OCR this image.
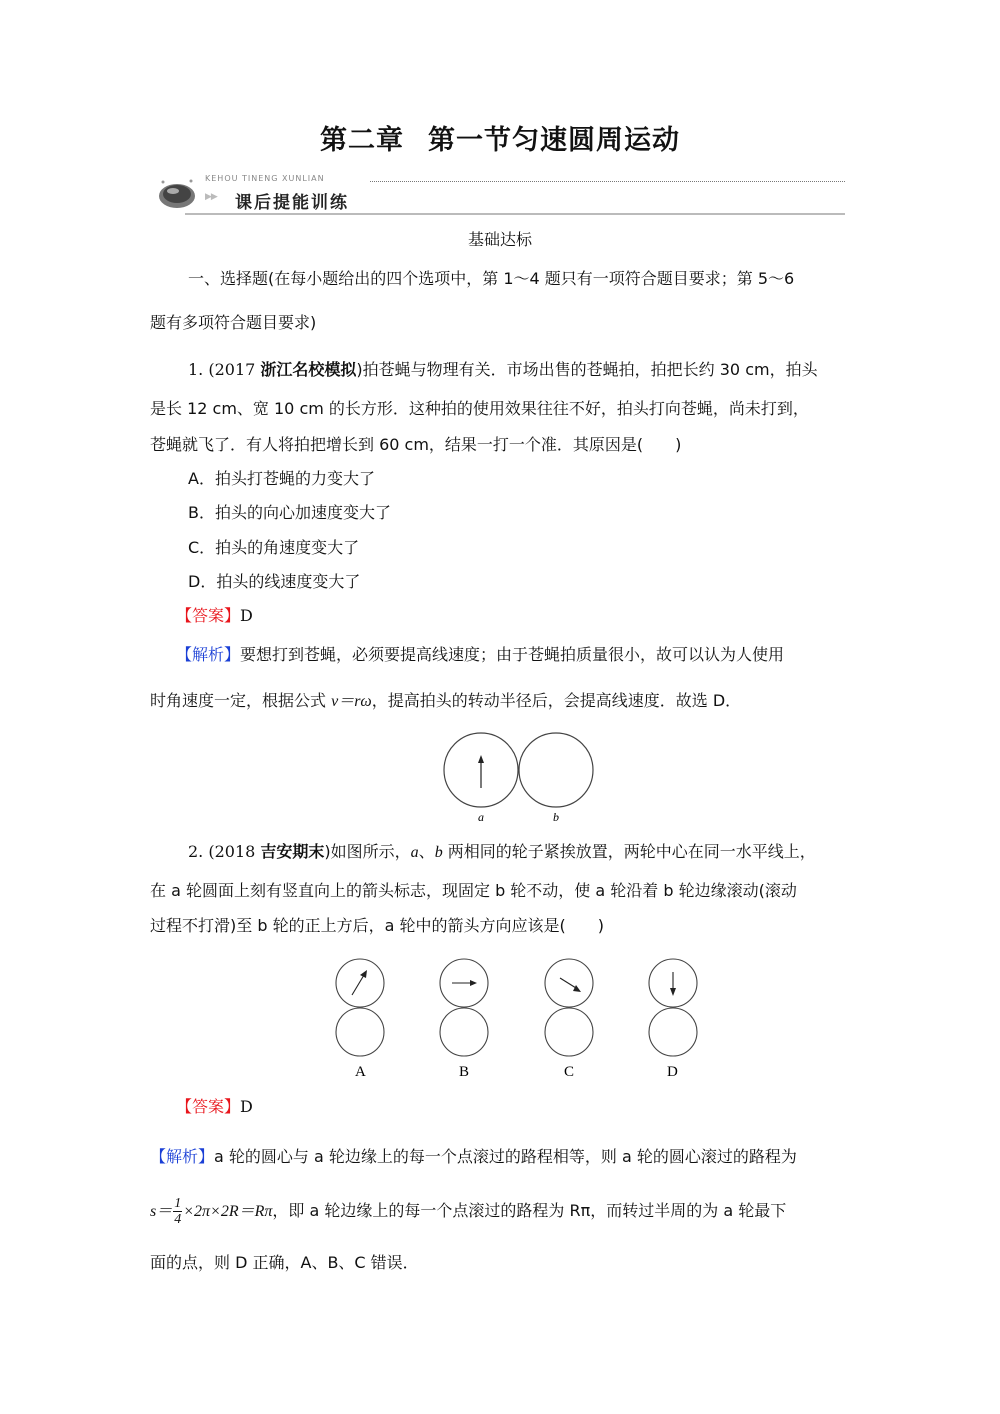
第二章 第一节匀速圆周运动
KEHOU TINENG XUNLIAN
▶▶ 课后提能训练
基础达标
一、选择题(在每小题给出的四个选项中，第 1～4 题只有一项符合题目要求；第 5～6
题有多项符合题目要求)
1. (2017 浙江名校模拟)拍苍蝇与物理有关．市场出售的苍蝇拍，拍把长约 30 cm，拍头
是长 12 cm、宽 10 cm 的长方形．这种拍的使用效果往往不好，拍头打向苍蝇，尚未打到，
苍蝇就飞了．有人将拍把增长到 60 cm，结果一打一个准．其原因是(　　)
A．拍头打苍蝇的力变大了
B．拍头的向心加速度变大了
C．拍头的角速度变大了
D．拍头的线速度变大了
【答案】D
【解析】要想打到苍蝇，必须要提高线速度；由于苍蝇拍质量很小，故可以认为人使用
时角速度一定，根据公式 v＝rω，提高拍头的转动半径后，会提高线速度．故选 D．
a	b
2. (2018 吉安期末)如图所示，a、b 两相同的轮子紧挨放置，两轮中心在同一水平线上，
在 a 轮圆面上刻有竖直向上的箭头标志，现固定 b 轮不动，使 a 轮沿着 b 轮边缘滚动(滚动
过程不打滑)至 b 轮的正上方后，a 轮中的箭头方向应该是(　　)
A	B	C	D
【答案】D
【解析】a 轮的圆心与 a 轮边缘上的每一个点滚过的路程相等，则 a 轮的圆心滚过的路程为
$s= \frac{1}{4} \times 2\pi\times 2R=R\pi$，即 a 轮边缘上的每一个点滚过的路程为 Rπ，而转过半周的为 a 轮最下
面的点，则 D 正确，A、B、C 错误．
